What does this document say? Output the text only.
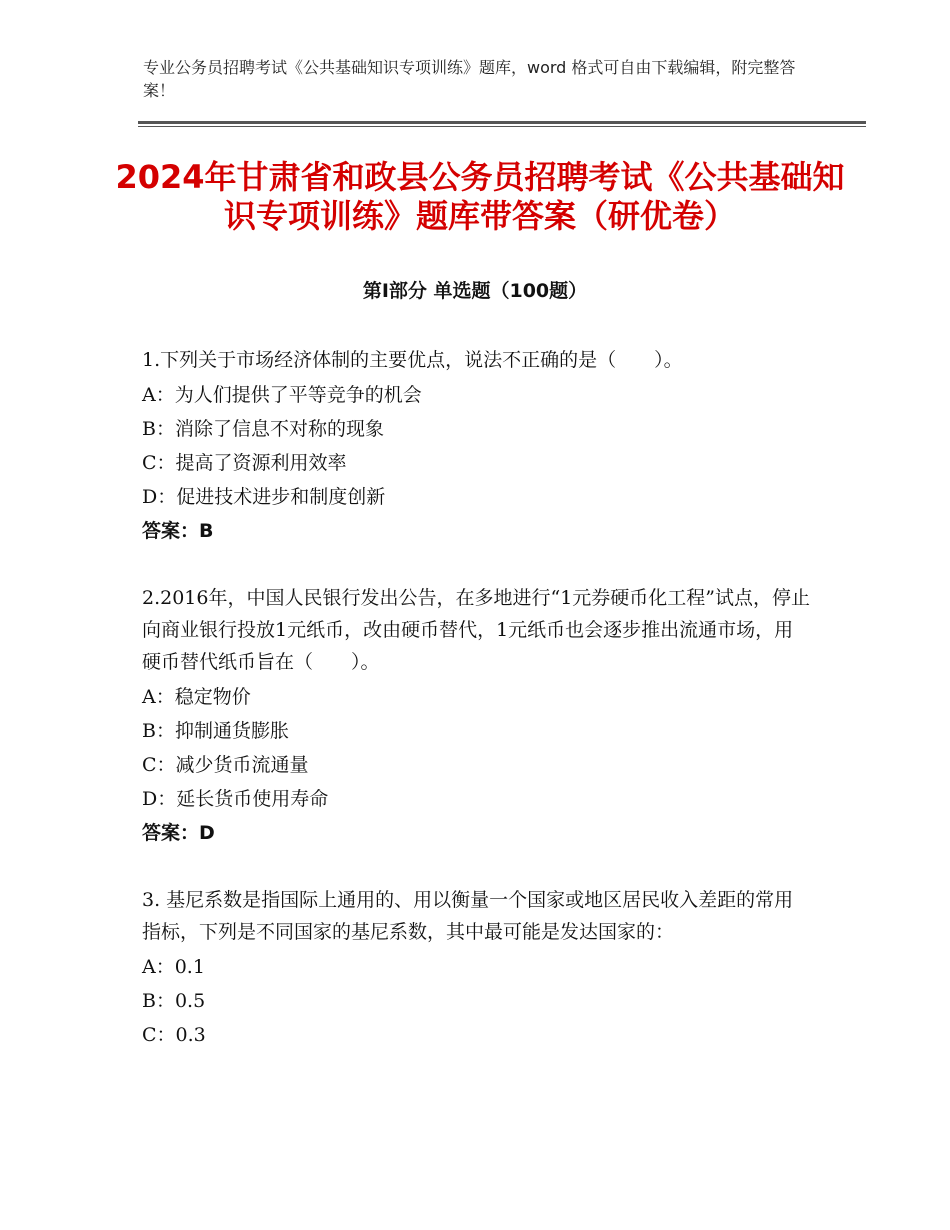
专业公务员招聘考试《公共基础知识专项训练》题库，word 格式可自由下载编辑，附完整答案！
2024年甘肃省和政县公务员招聘考试《公共基础知识专项训练》题库带答案（研优卷）
第Ⅰ部分 单选题（100题）
1.下列关于市场经济体制的主要优点，说法不正确的是（　　）。
A：为人们提供了平等竞争的机会
B：消除了信息不对称的现象
C：提高了资源利用效率
D：促进技术进步和制度创新
答案：B
2.2016年，中国人民银行发出公告，在多地进行“1元券硬币化工程”试点，停止向商业银行投放1元纸币，改由硬币替代，1元纸币也会逐步推出流通市场，用硬币替代纸币旨在（　　）。
A：稳定物价
B：抑制通货膨胀
C：减少货币流通量
D：延长货币使用寿命
答案：D
3. 基尼系数是指国际上通用的、用以衡量一个国家或地区居民收入差距的常用指标，下列是不同国家的基尼系数，其中最可能是发达国家的：
A：0.1
B：0.5
C：0.3
